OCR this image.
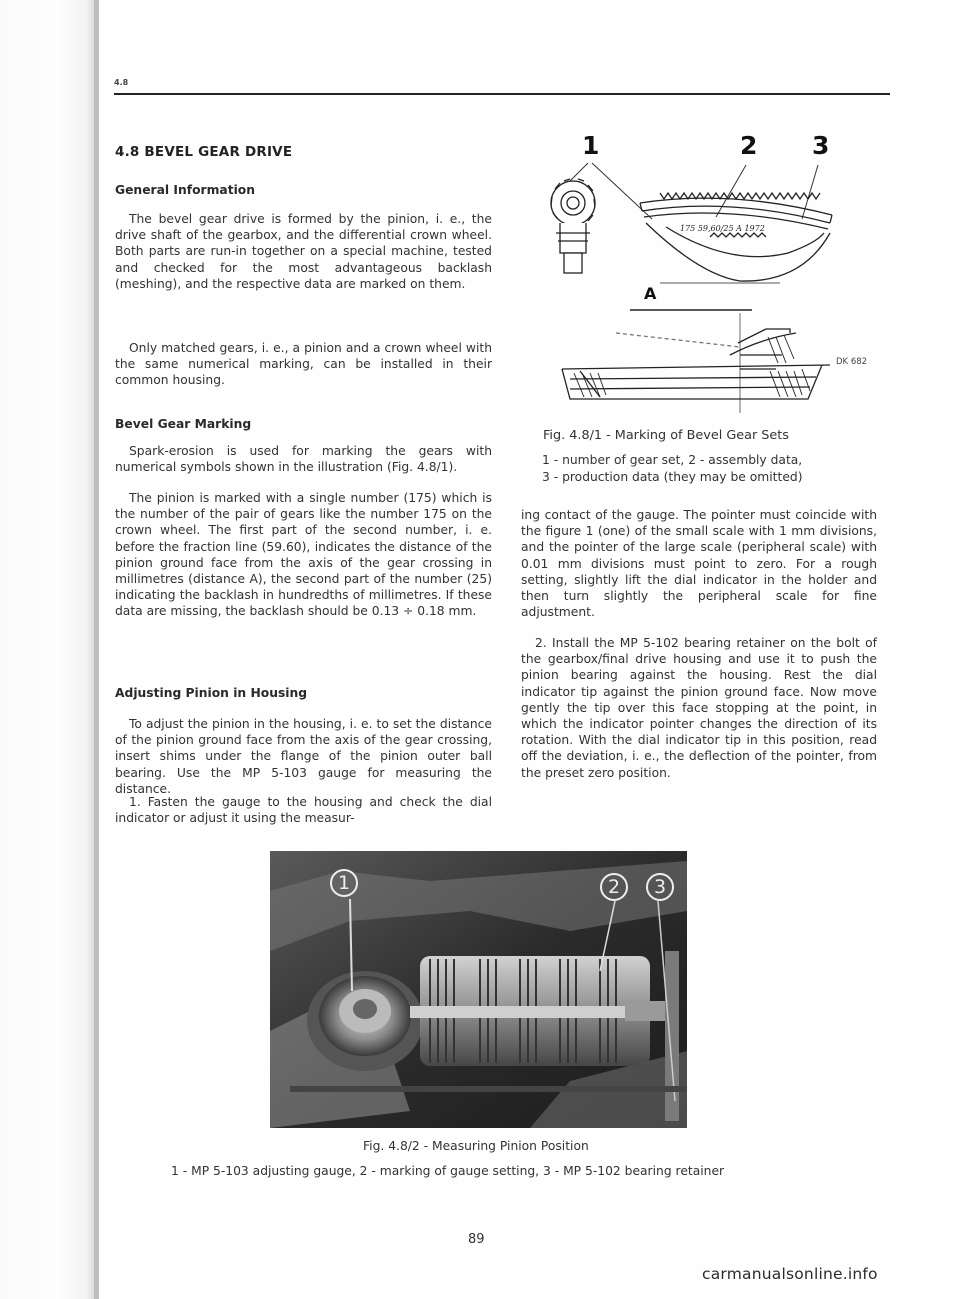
4.8
4.8 BEVEL GEAR DRIVE
General Information
The bevel gear drive is formed by the pinion, i. e., the drive shaft of the gearbox, and the differential crown wheel. Both parts are run-in together on a special machine, tested and checked for the most advantageous backlash (meshing), and the respective data are marked on them.
Only matched gears, i. e., a pinion and a crown wheel with the same numerical marking, can be installed in their common housing.
Bevel Gear Marking
Spark-erosion is used for marking the gears with numerical symbols shown in the illustration (Fig. 4.8/1).
The pinion is marked with a single number (175) which is the number of the pair of gears like the number 175 on the crown wheel. The first part of the second number, i. e. before the fraction line (59.60), indicates the distance of the pinion ground face from the axis of the gear crossing in millimetres (distance A), the second part of the number (25) indicating the backlash in hundredths of millimetres. If these data are missing, the backlash should be 0.13 ÷ 0.18 mm.
Adjusting Pinion in Housing
To adjust the pinion in the housing, i. e. to set the distance of the pinion ground face from the axis of the gear crossing, insert shims under the flange of the pinion outer ball bearing. Use the MP 5-103 gauge for measuring the distance.
1. Fasten the gauge to the housing and check the dial indicator or adjust it using the measur-
1	2 3
175 59,60/25 A 1972
A
DK 682
Fig. 4.8/1 - Marking of Bevel Gear Sets
1 - number of gear set, 2 - assembly data,
3 - production data (they may be omitted)
ing contact of the gauge. The pointer must coincide with the figure 1 (one) of the small scale with 1 mm divisions, and the pointer of the large scale (peripheral scale) with 0.01 mm divisions must point to zero. For a rough setting, slightly lift the dial indicator in the holder and then turn slightly the peripheral scale for fine adjustment.
2. Install the MP 5-102 bearing retainer on the bolt of the gearbox/final drive housing and use it to push the pinion bearing against the housing. Rest the dial indicator tip against the pinion ground face. Now move gently the tip over this face stopping at the point, in which the indicator pointer changes the direction of its rotation. With the dial indicator tip in this position, read off the deviation, i. e., the deflection of the pointer, from the preset zero position.
1	2	3
Fig. 4.8/2 - Measuring Pinion Position
1 - MP 5-103 adjusting gauge, 2 - marking of gauge setting, 3 - MP 5-102 bearing retainer
89
carmanualsonline.info
